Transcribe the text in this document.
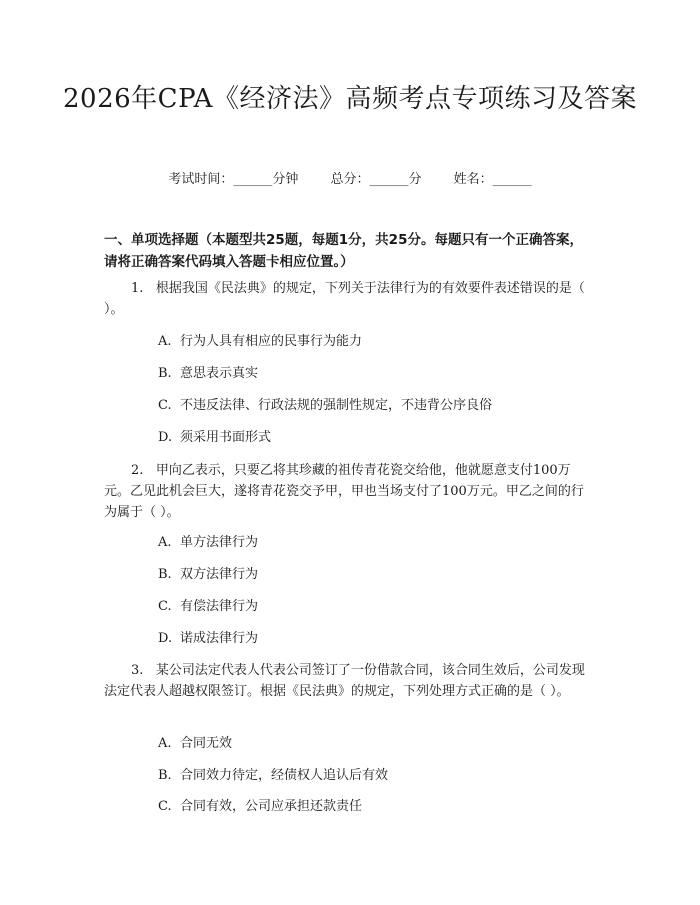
2026年CPA《经济法》高频考点专项练习及答案
考试时间：______分钟 总分：______分 姓名：______
一、单项选择题（本题型共25题，每题1分，共25分。每题只有一个正确答案，请将正确答案代码填入答题卡相应位置。）
1. 根据我国《民法典》的规定，下列关于法律行为的有效要件表述错误的是（ ）。
A. 行为人具有相应的民事行为能力
B. 意思表示真实
C. 不违反法律、行政法规的强制性规定，不违背公序良俗
D. 须采用书面形式
2. 甲向乙表示，只要乙将其珍藏的祖传青花瓷交给他，他就愿意支付100万元。乙见此机会巨大，遂将青花瓷交予甲，甲也当场支付了100万元。甲乙之间的行为属于（ ）。
A. 单方法律行为
B. 双方法律行为
C. 有偿法律行为
D. 诺成法律行为
3. 某公司法定代表人代表公司签订了一份借款合同，该合同生效后，公司发现法定代表人超越权限签订。根据《民法典》的规定，下列处理方式正确的是（ ）。
A. 合同无效
B. 合同效力待定，经债权人追认后有效
C. 合同有效，公司应承担还款责任
